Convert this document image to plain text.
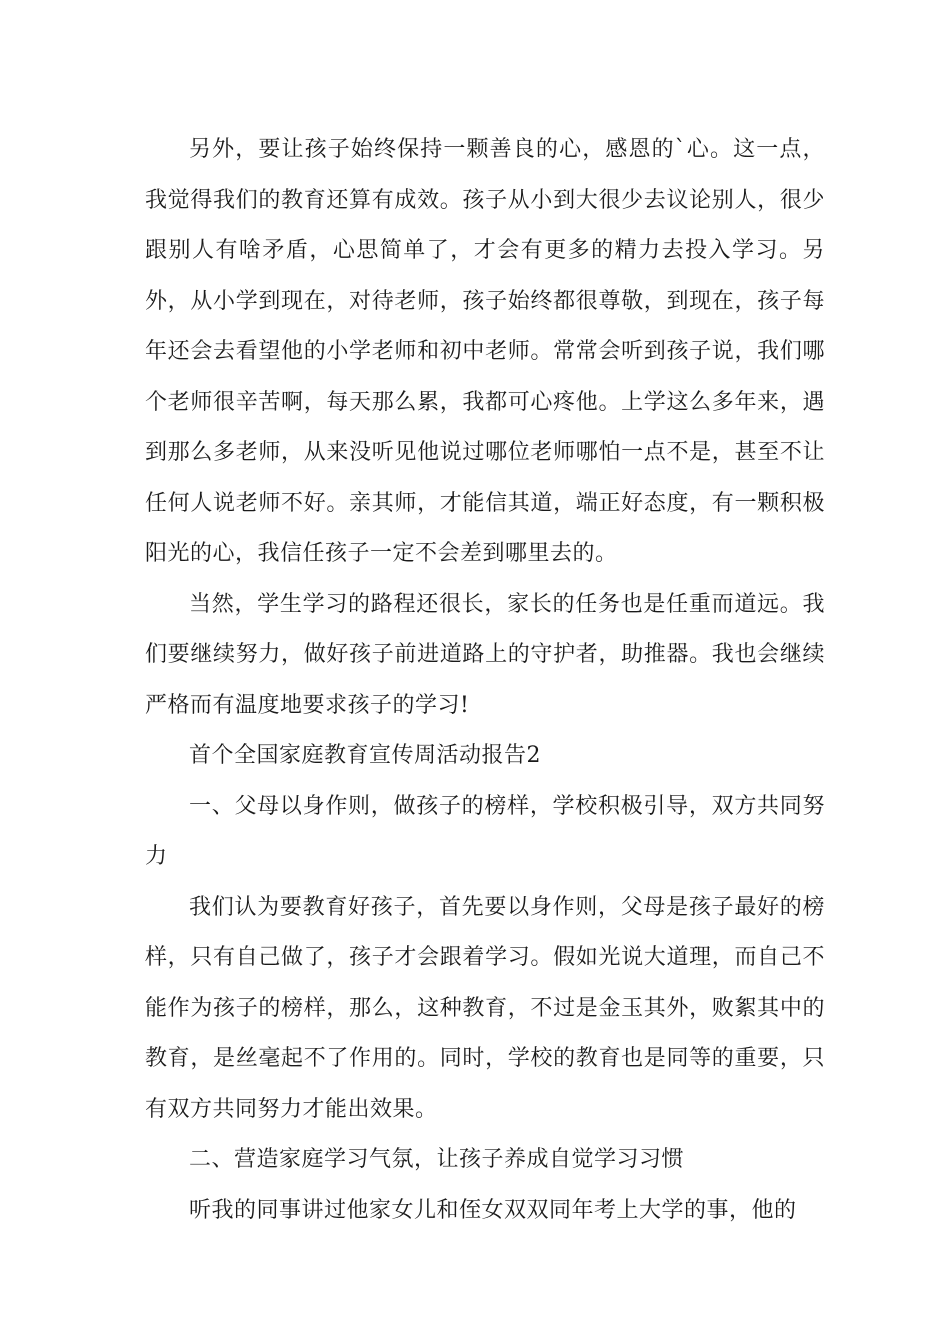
另外，要让孩子始终保持一颗善良的心，感恩的`心。这一点，我觉得我们的教育还算有成效。孩子从小到大很少去议论别人，很少跟别人有啥矛盾，心思简单了，才会有更多的精力去投入学习。另外，从小学到现在，对待老师，孩子始终都很尊敬，到现在，孩子每年还会去看望他的小学老师和初中老师。常常会听到孩子说，我们哪个老师很辛苦啊，每天那么累，我都可心疼他。上学这么多年来，遇到那么多老师，从来没听见他说过哪位老师哪怕一点不是，甚至不让任何人说老师不好。亲其师，才能信其道，端正好态度，有一颗积极阳光的心，我信任孩子一定不会差到哪里去的。

当然，学生学习的路程还很长，家长的任务也是任重而道远。我们要继续努力，做好孩子前进道路上的守护者，助推器。我也会继续严格而有温度地要求孩子的学习!

首个全国家庭教育宣传周活动报告2

一、父母以身作则，做孩子的榜样，学校积极引导，双方共同努力

我们认为要教育好孩子，首先要以身作则，父母是孩子最好的榜样，只有自己做了，孩子才会跟着学习。假如光说大道理，而自己不能作为孩子的榜样，那么，这种教育，不过是金玉其外，败絮其中的教育，是丝毫起不了作用的。同时，学校的教育也是同等的重要，只有双方共同努力才能出效果。

二、营造家庭学习气氛，让孩子养成自觉学习习惯

听我的同事讲过他家女儿和侄女双双同年考上大学的事，他的
